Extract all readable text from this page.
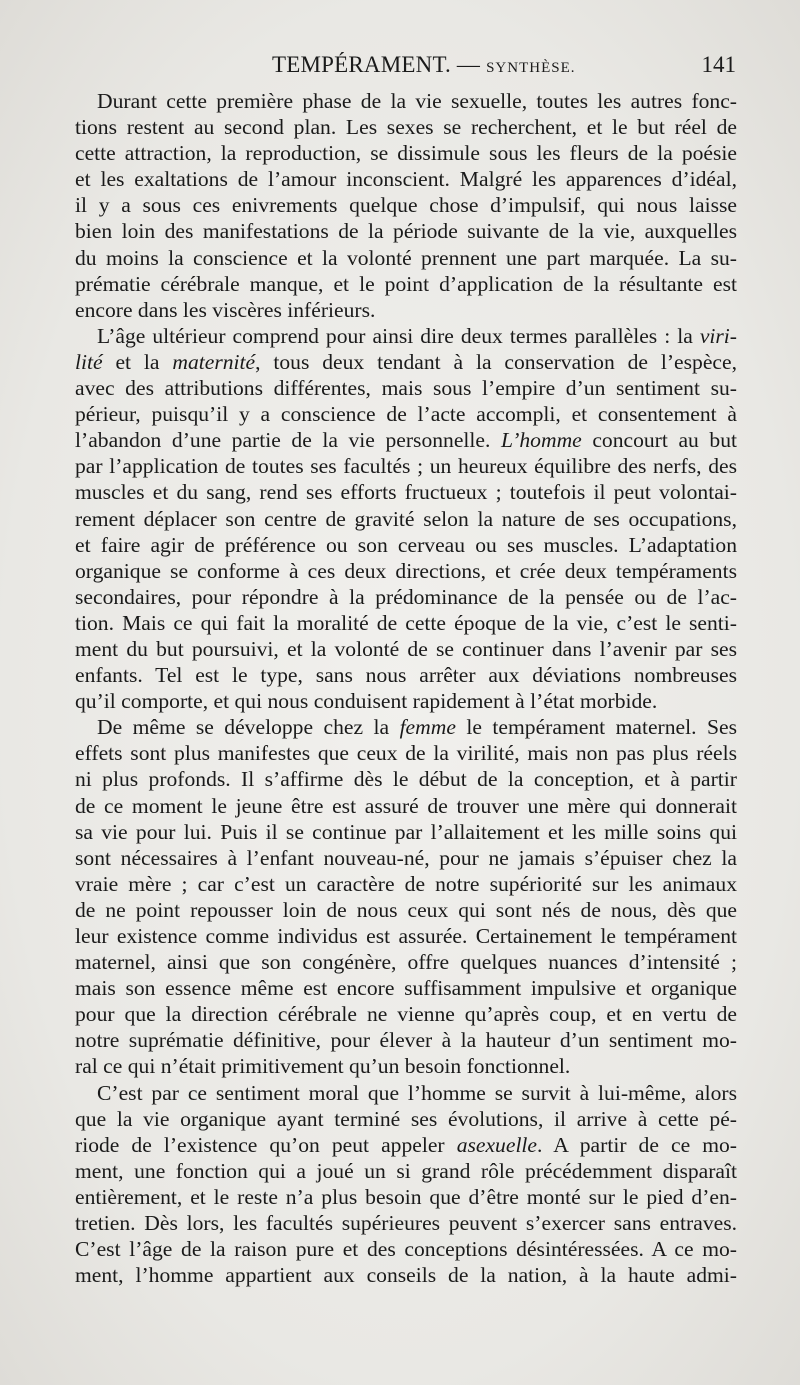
TEMPÉRAMENT. — SYNTHÈSE.	141
Durant cette première phase de la vie sexuelle, toutes les autres fonc-
tions restent au second plan. Les sexes se recherchent, et le but réel de
cette attraction, la reproduction, se dissimule sous les fleurs de la poésie
et les exaltations de l’amour inconscient. Malgré les apparences d’idéal,
il y a sous ces enivrements quelque chose d’impulsif, qui nous laisse
bien loin des manifestations de la période suivante de la vie, auxquelles
du moins la conscience et la volonté prennent une part marquée. La su-
prématie cérébrale manque, et le point d’application de la résultante est
encore dans les viscères inférieurs.
L’âge ultérieur comprend pour ainsi dire deux termes parallèles : la viri-
lité et la maternité, tous deux tendant à la conservation de l’espèce,
avec des attributions différentes, mais sous l’empire d’un sentiment su-
périeur, puisqu’il y a conscience de l’acte accompli, et consentement à
l’abandon d’une partie de la vie personnelle. L’homme concourt au but
par l’application de toutes ses facultés ; un heureux équilibre des nerfs, des
muscles et du sang, rend ses efforts fructueux ; toutefois il peut volontai-
rement déplacer son centre de gravité selon la nature de ses occupations,
et faire agir de préférence ou son cerveau ou ses muscles. L’adaptation
organique se conforme à ces deux directions, et crée deux tempéraments
secondaires, pour répondre à la prédominance de la pensée ou de l’ac-
tion. Mais ce qui fait la moralité de cette époque de la vie, c’est le senti-
ment du but poursuivi, et la volonté de se continuer dans l’avenir par ses
enfants. Tel est le type, sans nous arrêter aux déviations nombreuses
qu’il comporte, et qui nous conduisent rapidement à l’état morbide.
De même se développe chez la femme le tempérament maternel. Ses
effets sont plus manifestes que ceux de la virilité, mais non pas plus réels
ni plus profonds. Il s’affirme dès le début de la conception, et à partir
de ce moment le jeune être est assuré de trouver une mère qui donnerait
sa vie pour lui. Puis il se continue par l’allaitement et les mille soins qui
sont nécessaires à l’enfant nouveau-né, pour ne jamais s’épuiser chez la
vraie mère ; car c’est un caractère de notre supériorité sur les animaux
de ne point repousser loin de nous ceux qui sont nés de nous, dès que
leur existence comme individus est assurée. Certainement le tempérament
maternel, ainsi que son congénère, offre quelques nuances d’intensité ;
mais son essence même est encore suffisamment impulsive et organique
pour que la direction cérébrale ne vienne qu’après coup, et en vertu de
notre suprématie définitive, pour élever à la hauteur d’un sentiment mo-
ral ce qui n’était primitivement qu’un besoin fonctionnel.
C’est par ce sentiment moral que l’homme se survit à lui-même, alors
que la vie organique ayant terminé ses évolutions, il arrive à cette pé-
riode de l’existence qu’on peut appeler asexuelle. A partir de ce mo-
ment, une fonction qui a joué un si grand rôle précédemment disparaît
entièrement, et le reste n’a plus besoin que d’être monté sur le pied d’en-
tretien. Dès lors, les facultés supérieures peuvent s’exercer sans entraves.
C’est l’âge de la raison pure et des conceptions désintéressées. A ce mo-
ment, l’homme appartient aux conseils de la nation, à la haute admi-
